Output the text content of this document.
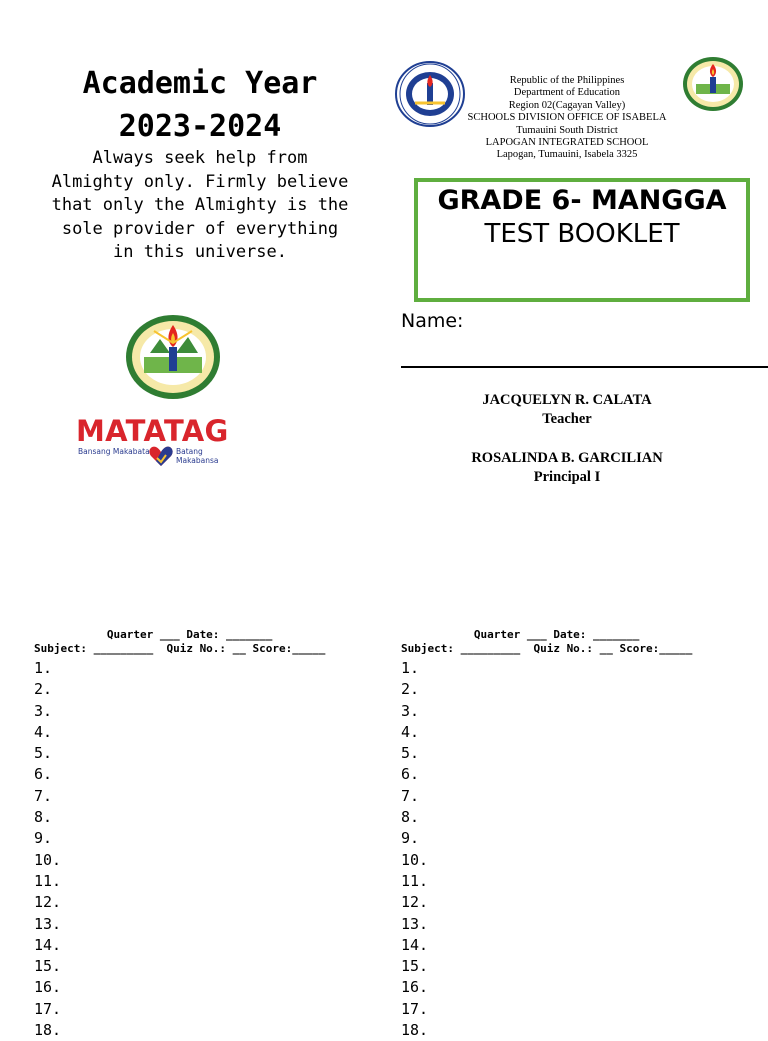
Academic Year
2023-2024
Always seek help from Almighty only. Firmly believe that only the Almighty is the sole provider of everything in this universe.
MATATAG
Bansang Makabata	Batang Makabansa
Republic of the Philippines
Department of Education
Region 02(Cagayan Valley)
SCHOOLS DIVISION OFFICE OF ISABELA
Tumauini South District
LAPOGAN INTEGRATED SCHOOL
Lapogan, Tumauini, Isabela 3325
GRADE 6- MANGGA
TEST BOOKLET
Name:
JACQUELYN R. CALATA
Teacher
ROSALINDA B. GARCILIAN
Principal I
Quarter ___ Date: _______
Subject: _________  Quiz No.: __ Score:_____
1.
2.
3.
4.
5.
6.
7.
8.
9.
10.
11.
12.
13.
14.
15.
16.
17.
18.
Quarter ___ Date: _______
Subject: _________  Quiz No.: __ Score:_____
1.
2.
3.
4.
5.
6.
7.
8.
9.
10.
11.
12.
13.
14.
15.
16.
17.
18.
